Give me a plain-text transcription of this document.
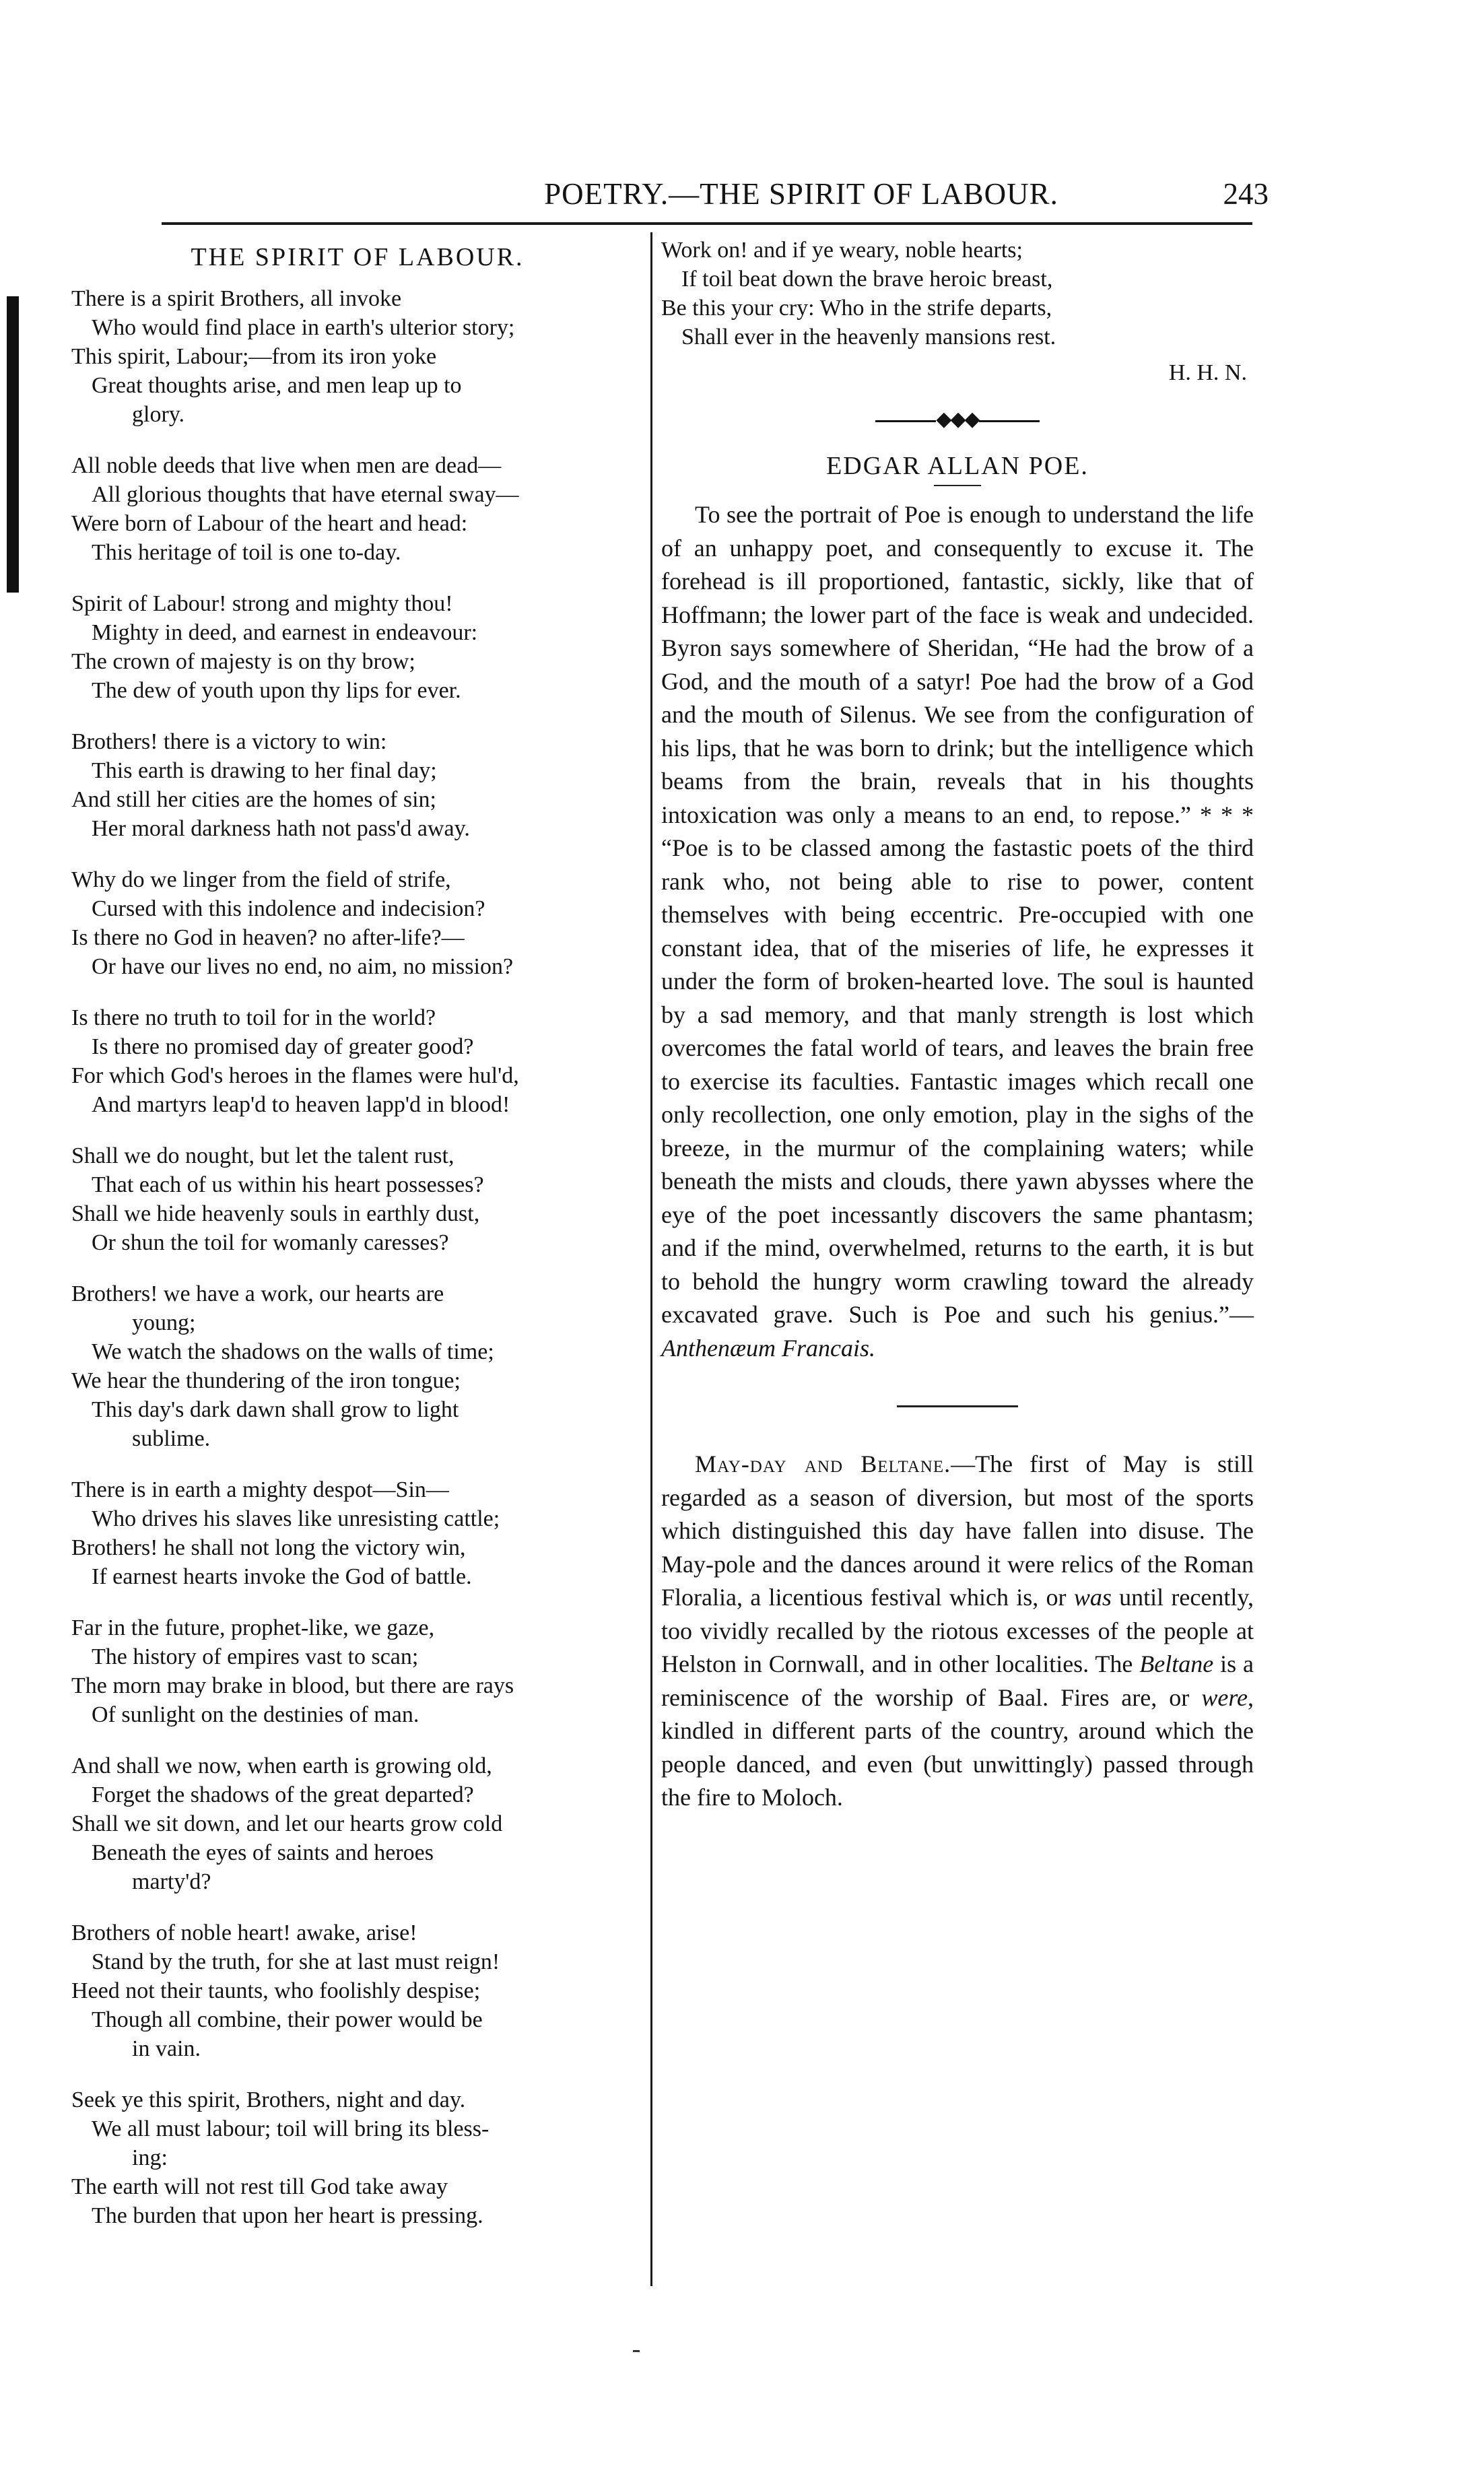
POETRY.—THE SPIRIT OF LABOUR.	243
THE SPIRIT OF LABOUR.
There is a spirit Brothers, all invoke
Who would find place in earth's ulterior story;
This spirit, Labour;—from its iron yoke
Great thoughts arise, and men leap up to
glory.
All noble deeds that live when men are dead—
All glorious thoughts that have eternal sway—
Were born of Labour of the heart and head:
This heritage of toil is one to-day.
Spirit of Labour! strong and mighty thou!
Mighty in deed, and earnest in endeavour:
The crown of majesty is on thy brow;
The dew of youth upon thy lips for ever.
Brothers! there is a victory to win:
This earth is drawing to her final day;
And still her cities are the homes of sin;
Her moral darkness hath not pass'd away.
Why do we linger from the field of strife,
Cursed with this indolence and indecision?
Is there no God in heaven? no after-life?—
Or have our lives no end, no aim, no mission?
Is there no truth to toil for in the world?
Is there no promised day of greater good?
For which God's heroes in the flames were hul'd,
And martyrs leap'd to heaven lapp'd in blood!
Shall we do nought, but let the talent rust,
That each of us within his heart possesses?
Shall we hide heavenly souls in earthly dust,
Or shun the toil for womanly caresses?
Brothers! we have a work, our hearts are
young;
We watch the shadows on the walls of time;
We hear the thundering of the iron tongue;
This day's dark dawn shall grow to light
sublime.
There is in earth a mighty despot—Sin—
Who drives his slaves like unresisting cattle;
Brothers! he shall not long the victory win,
If earnest hearts invoke the God of battle.
Far in the future, prophet-like, we gaze,
The history of empires vast to scan;
The morn may brake in blood, but there are rays
Of sunlight on the destinies of man.
And shall we now, when earth is growing old,
Forget the shadows of the great departed?
Shall we sit down, and let our hearts grow cold
Beneath the eyes of saints and heroes
marty'd?
Brothers of noble heart! awake, arise!
Stand by the truth, for she at last must reign!
Heed not their taunts, who foolishly despise;
Though all combine, their power would be
in vain.
Seek ye this spirit, Brothers, night and day.
We all must labour; toil will bring its bless-
ing:
The earth will not rest till God take away
The burden that upon her heart is pressing.
Work on! and if ye weary, noble hearts;
If toil beat down the brave heroic breast,
Be this your cry: Who in the strife departs,
Shall ever in the heavenly mansions rest.
H. H. N.
◆◆◆
EDGAR ALLAN POE.

To see the portrait of Poe is enough to understand the life of an unhappy poet, and consequently to excuse it. The forehead is ill proportioned, fantastic, sickly, like that of Hoffmann; the lower part of the face is weak and undecided. Byron says somewhere of Sheridan, “He had the brow of a God, and the mouth of a satyr! Poe had the brow of a God and the mouth of Silenus. We see from the configuration of his lips, that he was born to drink; but the intelligence which beams from the brain, reveals that in his thoughts intoxication was only a means to an end, to repose.” * * * “Poe is to be classed among the fastastic poets of the third rank who, not being able to rise to power, content themselves with being eccentric. Pre-occupied with one constant idea, that of the miseries of life, he expresses it under the form of broken-hearted love. The soul is haunted by a sad memory, and that manly strength is lost which overcomes the fatal world of tears, and leaves the brain free to exercise its faculties. Fantastic images which recall one only recollection, one only emotion, play in the sighs of the breeze, in the murmur of the complaining waters; while beneath the mists and clouds, there yawn abysses where the eye of the poet incessantly discovers the same phantasm; and if the mind, overwhelmed, returns to the earth, it is but to behold the hungry worm crawling toward the already excavated grave. Such is Poe and such his genius.”—Anthenæum Francais.

May-day and Beltane.—The first of May is still regarded as a season of diversion, but most of the sports which distinguished this day have fallen into disuse. The May-pole and the dances around it were relics of the Roman Floralia, a licentious festival which is, or was until recently, too vividly recalled by the riotous excesses of the people at Helston in Cornwall, and in other localities. The Beltane is a reminiscence of the worship of Baal. Fires are, or were, kindled in different parts of the country, around which the people danced, and even (but unwittingly) passed through the fire to Moloch.
